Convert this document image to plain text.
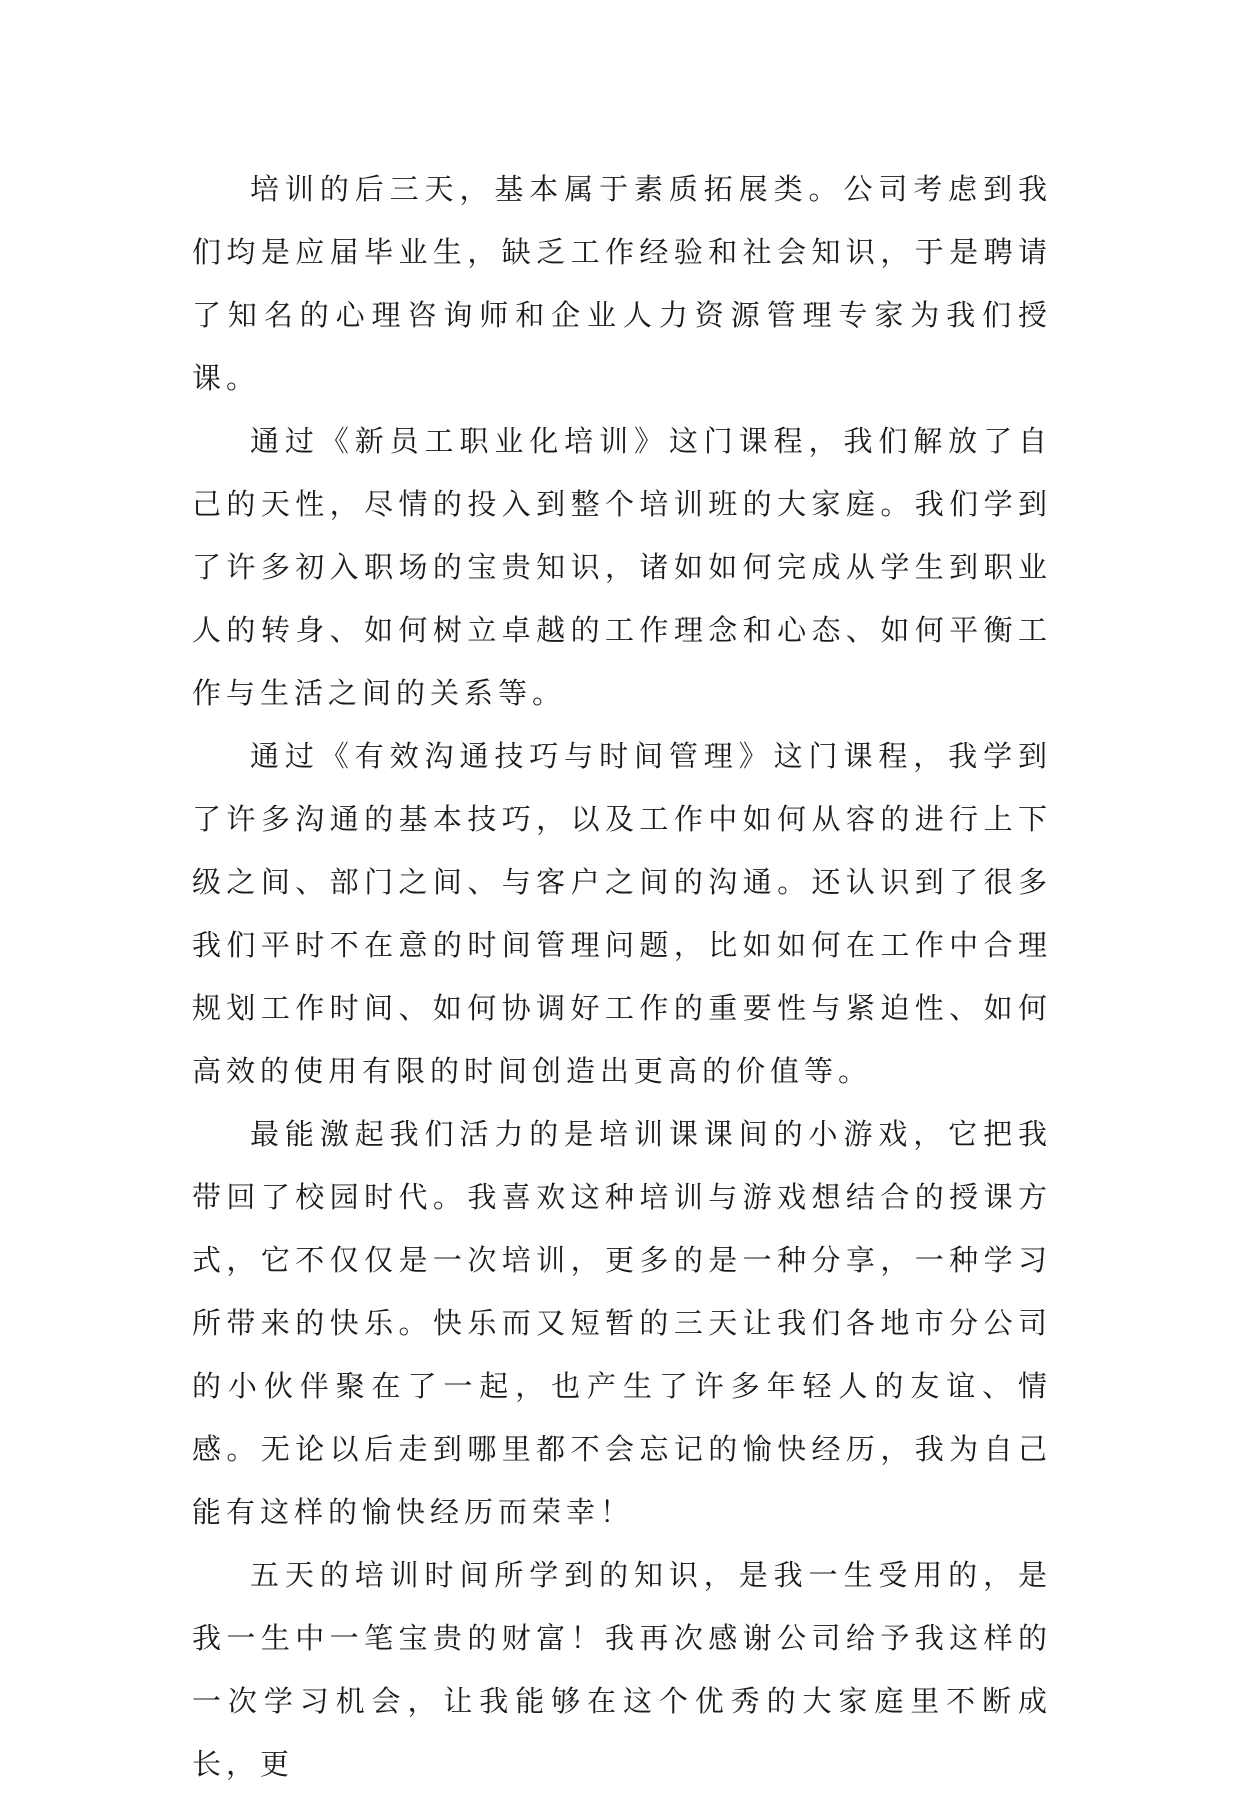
培训的后三天，基本属于素质拓展类。公司考虑到我们均是应届毕业生，缺乏工作经验和社会知识，于是聘请了知名的心理咨询师和企业人力资源管理专家为我们授课。

通过《新员工职业化培训》这门课程，我们解放了自己的天性，尽情的投入到整个培训班的大家庭。我们学到了许多初入职场的宝贵知识，诸如如何完成从学生到职业人的转身、如何树立卓越的工作理念和心态、如何平衡工作与生活之间的关系等。

通过《有效沟通技巧与时间管理》这门课程，我学到了许多沟通的基本技巧，以及工作中如何从容的进行上下级之间、部门之间、与客户之间的沟通。还认识到了很多我们平时不在意的时间管理问题，比如如何在工作中合理规划工作时间、如何协调好工作的重要性与紧迫性、如何高效的使用有限的时间创造出更高的价值等。

最能激起我们活力的是培训课课间的小游戏，它把我带回了校园时代。我喜欢这种培训与游戏想结合的授课方式，它不仅仅是一次培训，更多的是一种分享，一种学习所带来的快乐。快乐而又短暂的三天让我们各地市分公司的小伙伴聚在了一起，也产生了许多年轻人的友谊、情感。无论以后走到哪里都不会忘记的愉快经历，我为自己能有这样的愉快经历而荣幸！

五天的培训时间所学到的知识，是我一生受用的，是我一生中一笔宝贵的财富！我再次感谢公司给予我这样的一次学习机会，让我能够在这个优秀的大家庭里不断成长，更
